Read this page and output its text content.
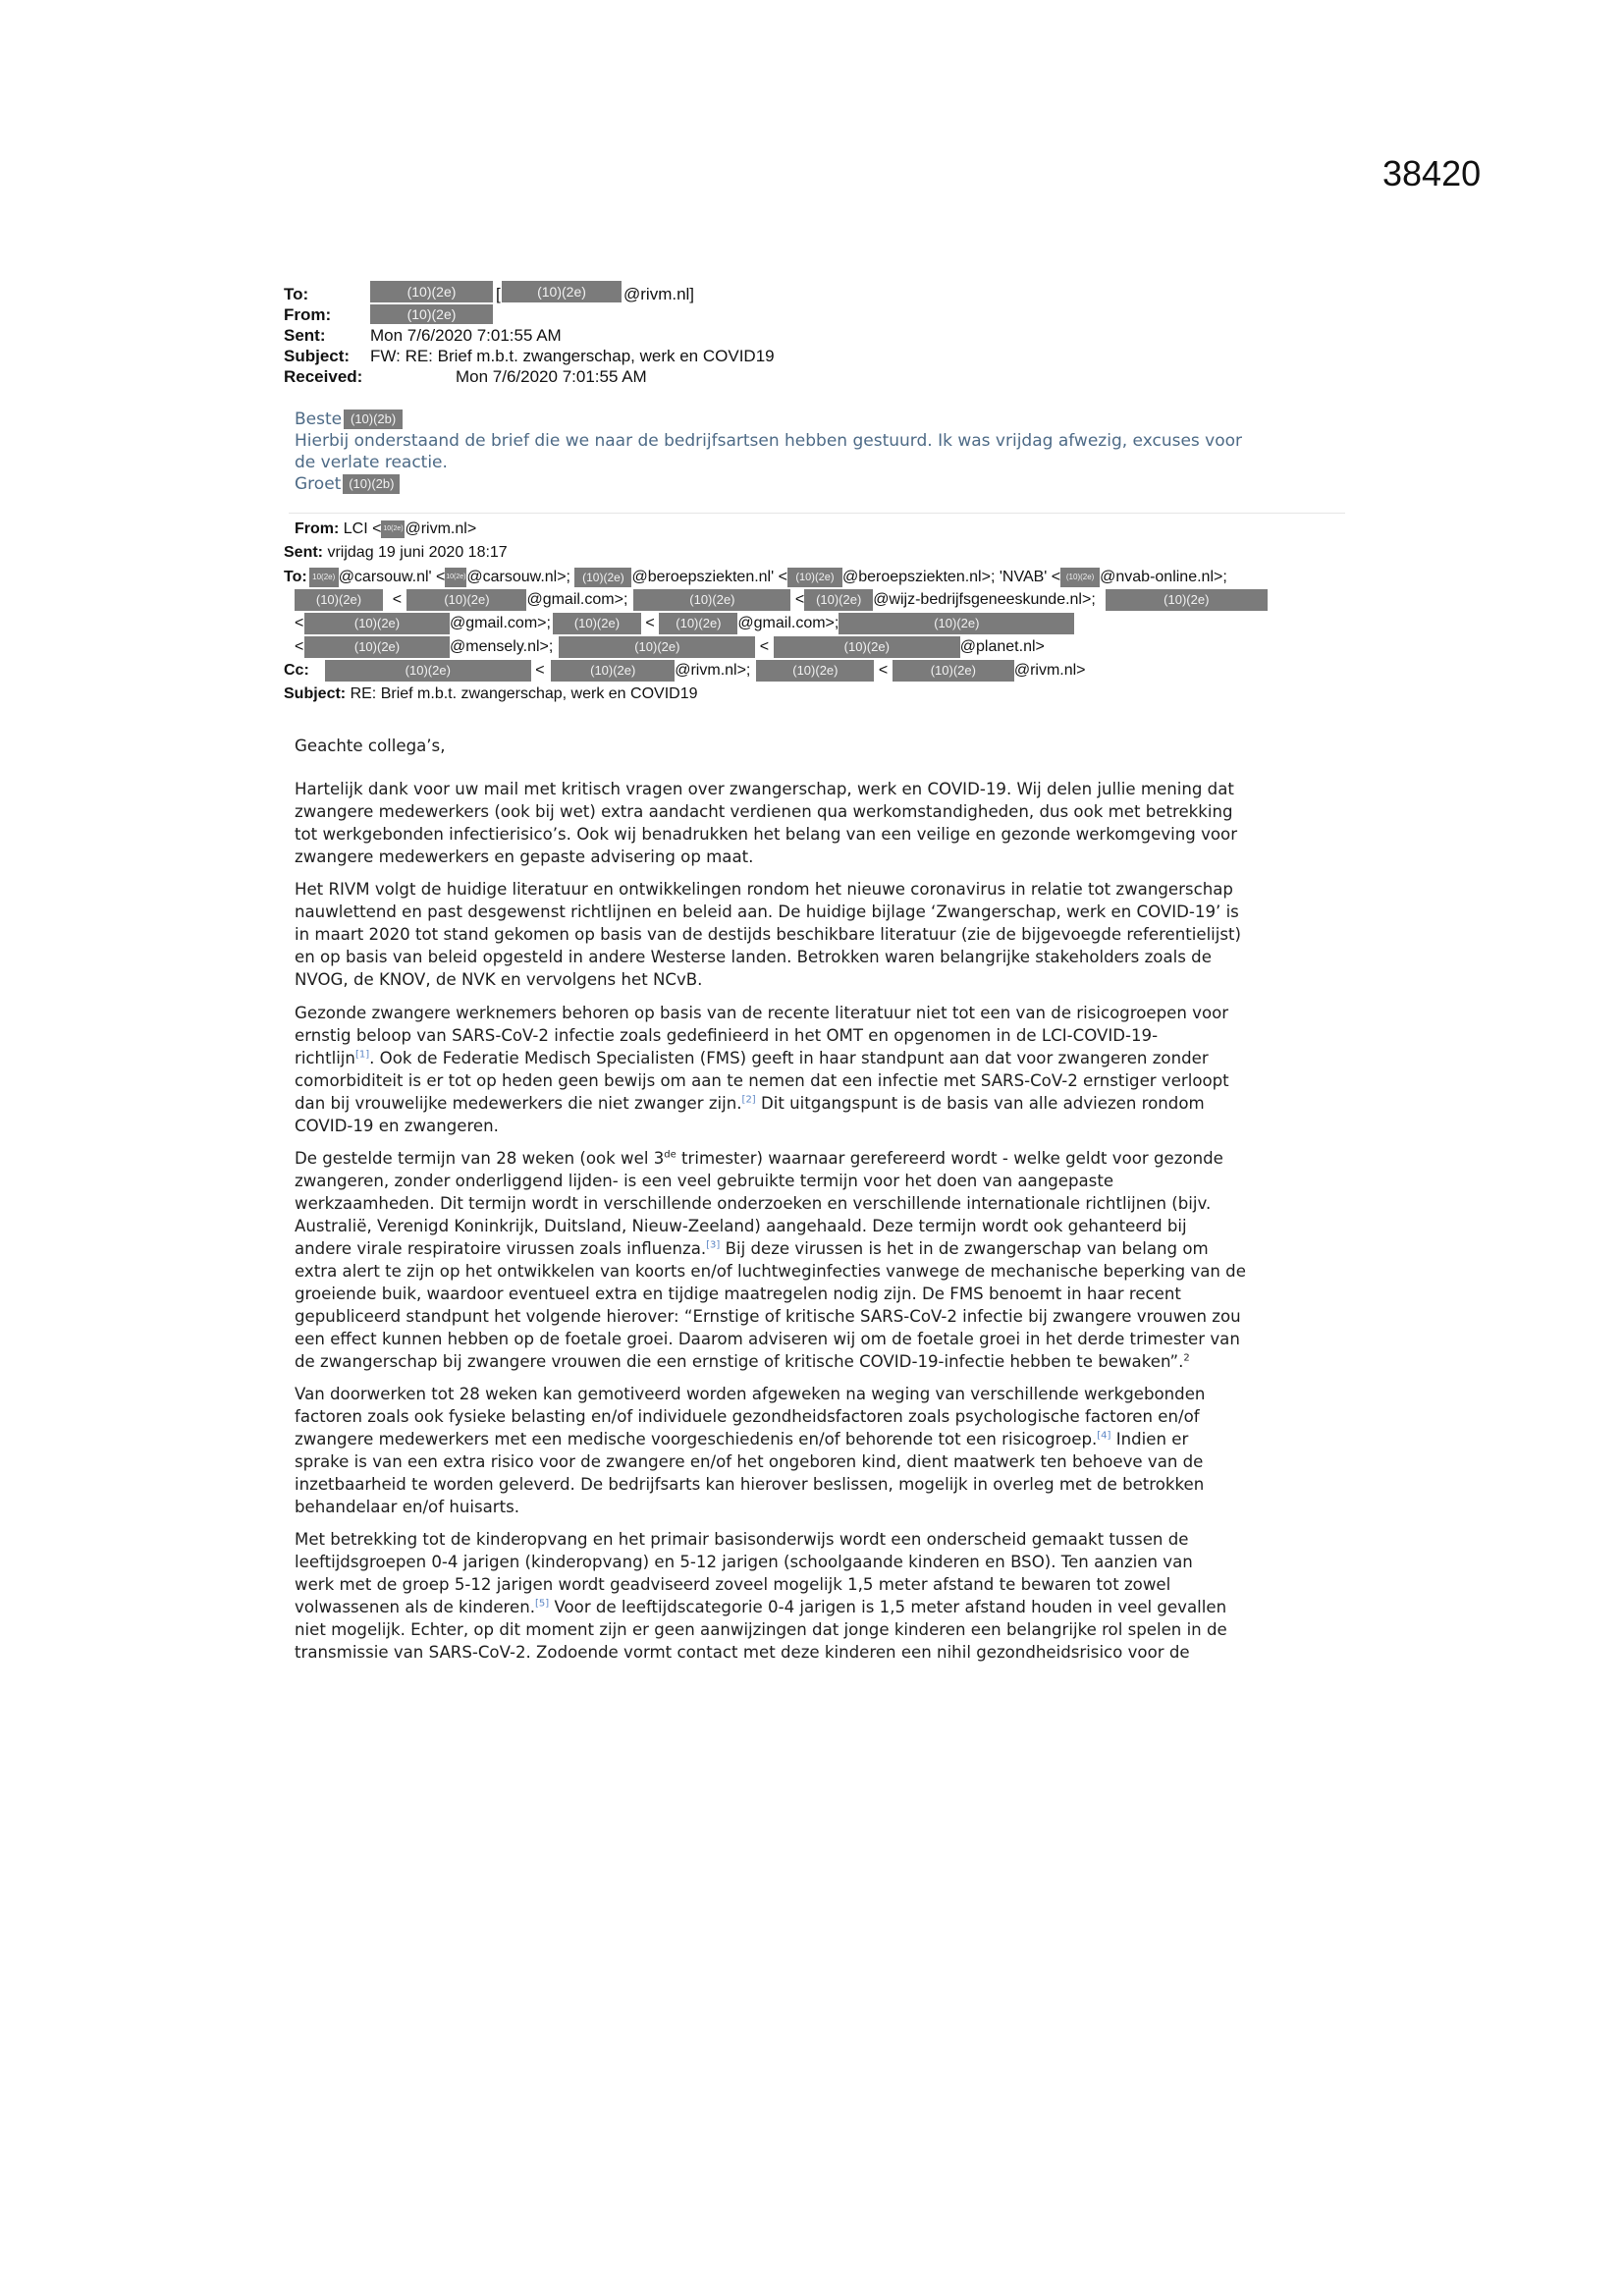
38420
To:	(10)(2e)	[	(10)(2e)	@rivm.nl]
From:	(10)(2e)
Sent:	Mon 7/6/2020 7:01:55 AM
Subject: FW: RE: Brief m.b.t. zwangerschap, werk en COVID19
Received:	Mon 7/6/2020 7:01:55 AM
Beste (10)(2b)
Hierbij onderstaand de brief die we naar de bedrijfsartsen hebben gestuurd. Ik was vrijdag afwezig, excuses voor
de verlate reactie.
Groet (10)(2b)
From: LCI < 10(2e) @rivm.nl>
Sent: vrijdag 19 juni 2020 18:17
To: 10(2e) @carsouw.nl' <10(2e)@carsouw.nl>; (10)(2e) @beroepsziekten.nl' < (10)(2e) @beroepsziekten.nl>; 'NVAB' < (10)(2e) @nvab-online.nl>;
(10)(2e) <	(10)(2e) @gmail.com>;	(10)(2e)	< (10)(2e) @wijz-bedrijfsgeneeskunde.nl>;	(10)(2e)
<	(10)(2e)	@gmail.com>; (10)(2e) < (10)(2e) @gmail.com>;	(10)(2e)
<	(10)(2e)	@mensely.nl>;	(10)(2e)	<	(10)(2e)	@planet.nl>
Cc:	(10)(2e)	<	(10)(2e) @rivm.nl>;	(10)(2e)	<	(10)(2e) @rivm.nl>
Subject: RE: Brief m.b.t. zwangerschap, werk en COVID19

Geachte collega’s,

Hartelijk dank voor uw mail met kritisch vragen over zwangerschap, werk en COVID-19. Wij delen jullie mening dat

zwangere medewerkers (ook bij wet) extra aandacht verdienen qua werkomstandigheden, dus ook met betrekking

tot werkgebonden infectierisico’s. Ook wij benadrukken het belang van een veilige en gezonde werkomgeving voor

zwangere medewerkers en gepaste advisering op maat.

Het RIVM volgt de huidige literatuur en ontwikkelingen rondom het nieuwe coronavirus in relatie tot zwangerschap

nauwlettend en past desgewenst richtlijnen en beleid aan. De huidige bijlage ‘Zwangerschap, werk en COVID-19’ is

in maart 2020 tot stand gekomen op basis van de destijds beschikbare literatuur (zie de bijgevoegde referentielijst)

en op basis van beleid opgesteld in andere Westerse landen. Betrokken waren belangrijke stakeholders zoals de

NVOG, de KNOV, de NVK en vervolgens het NCvB.

Gezonde zwangere werknemers behoren op basis van de recente literatuur niet tot een van de risicogroepen voor

ernstig beloop van SARS-CoV-2 infectie zoals gedefinieerd in het OMT en opgenomen in de LCI-COVID-19-

richtlijn[1]. Ook de Federatie Medisch Specialisten (FMS) geeft in haar standpunt aan dat voor zwangeren zonder

comorbiditeit is er tot op heden geen bewijs om aan te nemen dat een infectie met SARS-CoV-2 ernstiger verloopt

dan bij vrouwelijke medewerkers die niet zwanger zijn.[2] Dit uitgangspunt is de basis van alle adviezen rondom

COVID-19 en zwangeren.

De gestelde termijn van 28 weken (ook wel 3de trimester) waarnaar gerefereerd wordt - welke geldt voor gezonde

zwangeren, zonder onderliggend lijden- is een veel gebruikte termijn voor het doen van aangepaste

werkzaamheden. Dit termijn wordt in verschillende onderzoeken en verschillende internationale richtlijnen (bijv.

Australië, Verenigd Koninkrijk, Duitsland, Nieuw-Zeeland) aangehaald. Deze termijn wordt ook gehanteerd bij

andere virale respiratoire virussen zoals influenza.[3] Bij deze virussen is het in de zwangerschap van belang om

extra alert te zijn op het ontwikkelen van koorts en/of luchtweginfecties vanwege de mechanische beperking van de

groeiende buik, waardoor eventueel extra en tijdige maatregelen nodig zijn. De FMS benoemt in haar recent

gepubliceerd standpunt het volgende hierover: “Ernstige of kritische SARS-CoV-2 infectie bij zwangere vrouwen zou

een effect kunnen hebben op de foetale groei. Daarom adviseren wij om de foetale groei in het derde trimester van

de zwangerschap bij zwangere vrouwen die een ernstige of kritische COVID-19-infectie hebben te bewaken”.$^2$

Van doorwerken tot 28 weken kan gemotiveerd worden afgeweken na weging van verschillende werkgebonden

factoren zoals ook fysieke belasting en/of individuele gezondheidsfactoren zoals psychologische factoren en/of

zwangere medewerkers met een medische voorgeschiedenis en/of behorende tot een risicogroep.[4] Indien er

sprake is van een extra risico voor de zwangere en/of het ongeboren kind, dient maatwerk ten behoeve van de

inzetbaarheid te worden geleverd. De bedrijfsarts kan hierover beslissen, mogelijk in overleg met de betrokken

behandelaar en/of huisarts.

Met betrekking tot de kinderopvang en het primair basisonderwijs wordt een onderscheid gemaakt tussen de

leeftijdsgroepen 0-4 jarigen (kinderopvang) en 5-12 jarigen (schoolgaande kinderen en BSO). Ten aanzien van

werk met de groep 5-12 jarigen wordt geadviseerd zoveel mogelijk 1,5 meter afstand te bewaren tot zowel

volwassenen als de kinderen.[5] Voor de leeftijdscategorie 0-4 jarigen is 1,5 meter afstand houden in veel gevallen

niet mogelijk. Echter, op dit moment zijn er geen aanwijzingen dat jonge kinderen een belangrijke rol spelen in de

transmissie van SARS-CoV-2. Zodoende vormt contact met deze kinderen een nihil gezondheidsrisico voor de
